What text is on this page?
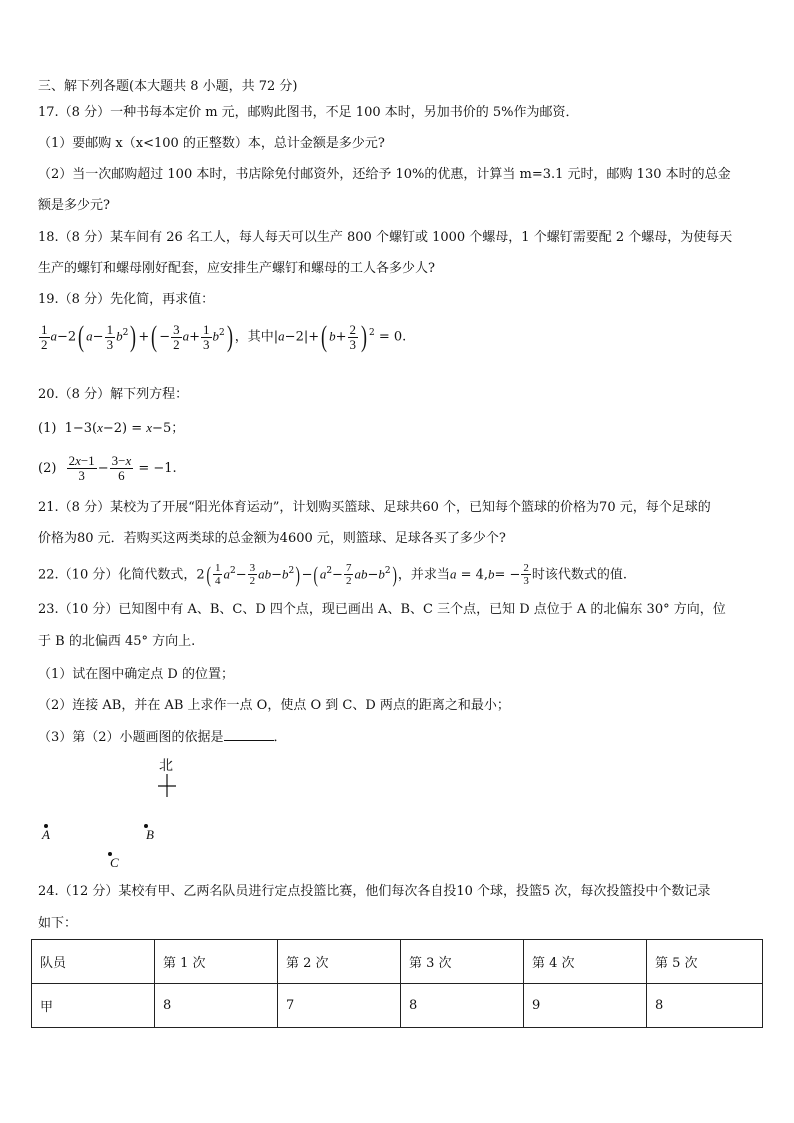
三、解下列各题(本大题共 8 小题，共 72 分)
17.（8 分）一种书每本定价 m 元，邮购此图书，不足 100 本时，另加书价的 5%作为邮资．
（1）要邮购 x（x<100 的正整数）本，总计金额是多少元?
（2）当一次邮购超过 100 本时，书店除免付邮资外，还给予 10%的优惠，计算当 m=3.1 元时，邮购 130 本时的总金
额是多少元?
18.（8 分）某车间有 26 名工人，每人每天可以生产 800 个螺钉或 1000 个螺母，1 个螺钉需要配 2 个螺母，为使每天
生产的螺钉和螺母刚好配套，应安排生产螺钉和螺母的工人各多少人?
19.（8 分）先化简，再求值：
$\frac{1}{2} a-2$( $a- \frac{1}{3} b^2$) +( − $\frac{3}{2} a+ \frac{1}{3} b^2$) ，其中|a−2|+( $b+ \frac{2}{3}$ ) $^2$ = 0.
20.（8 分）解下列方程：
(1) 1−3(x−2) = x−5；
$(2) \frac{2x-1}{3} - \frac{3-x}{6} = -1$.
21.（8 分）某校为了开展“阳光体育运动”，计划购买篮球、足球共60 个，已知每个篮球的价格为70 元，每个足球的
价格为80 元．若购买这两类球的总金额为4600 元，则篮球、足球各买了多少个?
22.（10 分）化简代数式，$2( \frac{1}{4} a^2- \frac{3}{2} ab-b^2)-(a^2- \frac{7}{2} ab-b^2)$，并求当$a = 4,b= - \frac{2}{3}$ 时该代数式的值.
23.（10 分）已知图中有 A、B、C、D 四个点，现已画出 A、B、C 三个点，已知 D 点位于 A 的北偏东 30° 方向，位
于 B 的北偏西 45° 方向上.
（1）试在图中确定点 D 的位置；
（2）连接 AB，并在 AB 上求作一点 O，使点 O 到 C、D 两点的距离之和最小；
（3）第（2）小题画图的依据是	．
北
A	B
C
24.（12 分）某校有甲、乙两名队员进行定点投篮比赛，他们每次各自投10 个球，投篮5 次，每次投篮投中个数记录
如下：
队员	第 1 次	第 2 次	第 3 次	第 4 次	第 5 次
甲	8	7	8	9	8
